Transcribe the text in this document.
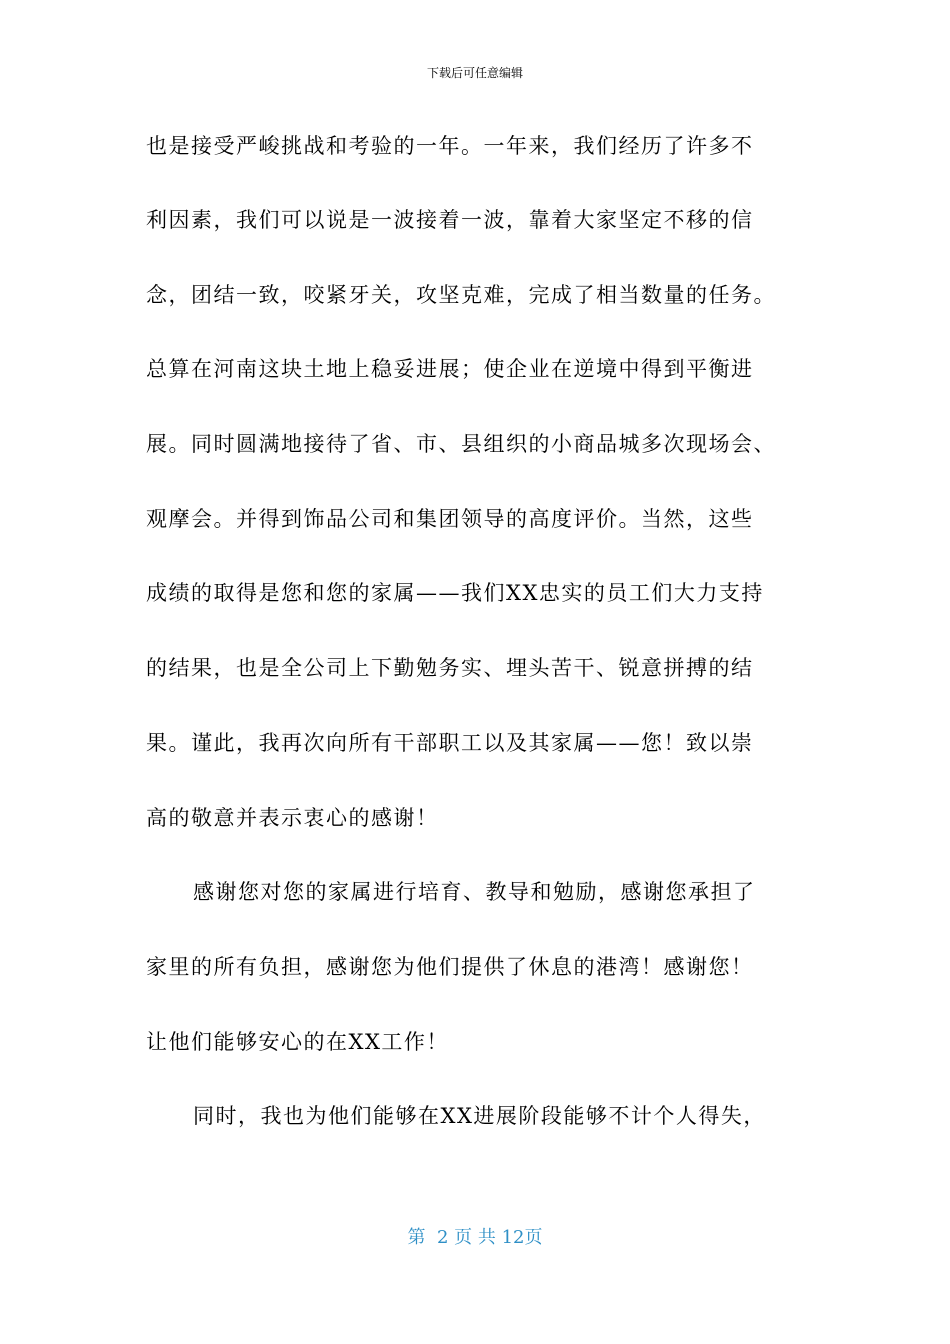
下载后可任意编辑
也是接受严峻挑战和考验的一年。一年来，我们经历了许多不
利因素，我们可以说是一波接着一波，靠着大家坚定不移的信
念，团结一致，咬紧牙关，攻坚克难，完成了相当数量的任务。
总算在河南这块土地上稳妥进展；使企业在逆境中得到平衡进
展。同时圆满地接待了省、市、县组织的小商品城多次现场会、
观摩会。并得到饰品公司和集团领导的高度评价。当然，这些
成绩的取得是您和您的家属——我们XX忠实的员工们大力支持
的结果，也是全公司上下勤勉务实、埋头苦干、锐意拼搏的结
果。谨此，我再次向所有干部职工以及其家属——您！致以崇
高的敬意并表示衷心的感谢！
感谢您对您的家属进行培育、教导和勉励，感谢您承担了
家里的所有负担，感谢您为他们提供了休息的港湾！感谢您！
让他们能够安心的在XX工作！
同时，我也为他们能够在XX进展阶段能够不计个人得失，
第  2 页 共 12页
